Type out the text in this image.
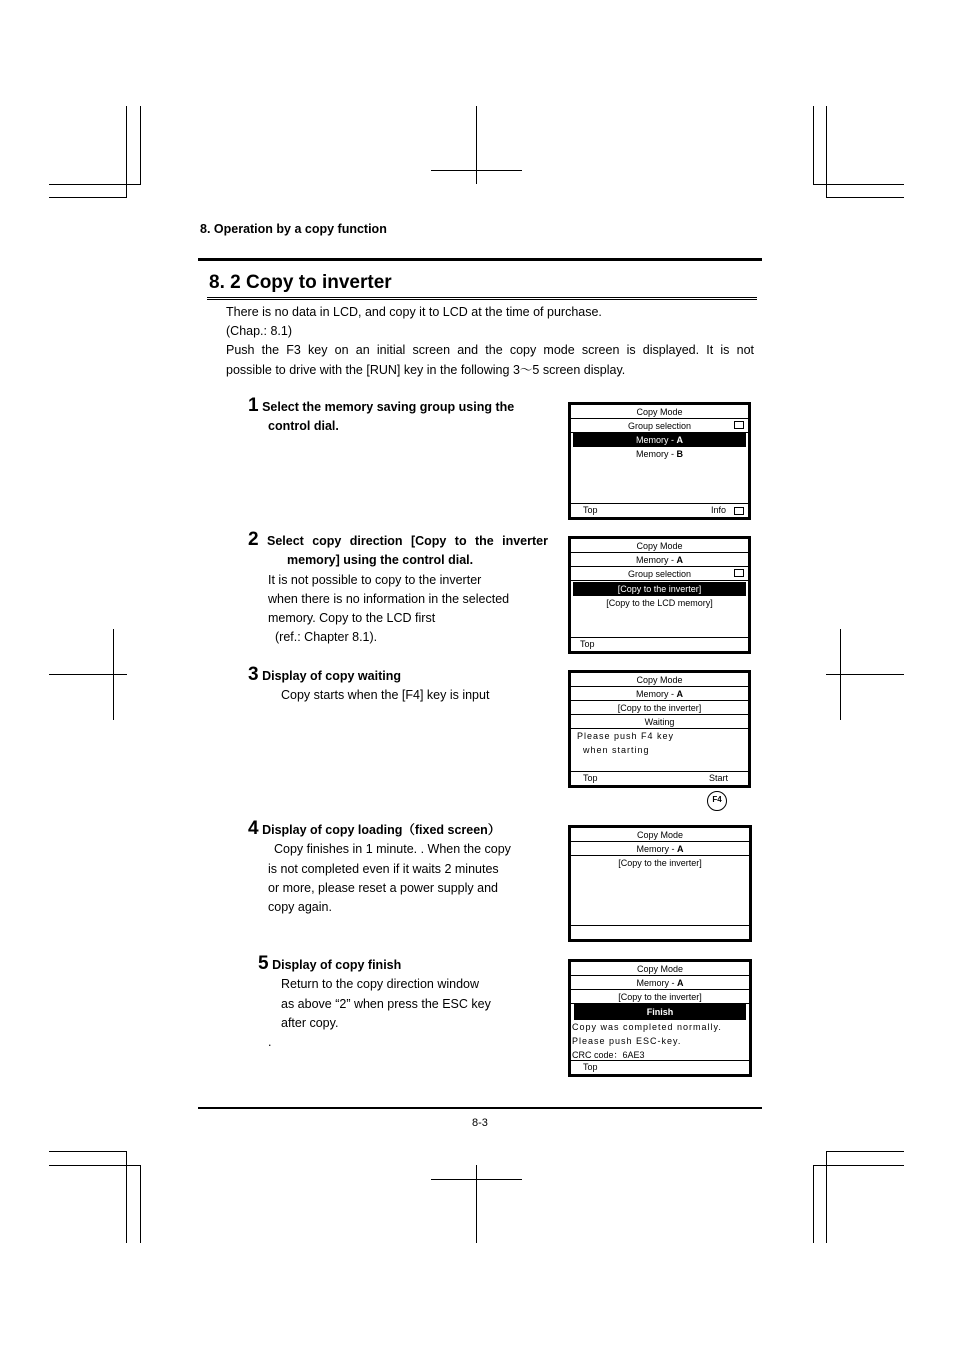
8. Operation by a copy function
8. 2 Copy to inverter

There is no data in LCD, and copy it to LCD at the time of purchase.

(Chap.: 8.1)

Push the F3 key on an initial screen and the copy mode screen is displayed. It is not

possible to drive with the [RUN] key in the following 3～5 screen display.

1 Select the memory saving group using the

control dial.

2 Select copy direction [Copy to the inverter

memory] using the control dial.

It is not possible to copy to the inverter

when there is no information in the selected

memory. Copy to the LCD first

(ref.: Chapter 8.1).

3 Display of copy waiting

Copy starts when the [F4] key is input

4 Display of copy loading（fixed screen）

Copy finishes in 1 minute. . When the copy

is not completed even if it waits 2 minutes

or more, please reset a power supply and

copy again.

5 Display of copy finish

Return to the copy direction window

as above “2” when press the ESC key

after copy.

.

Copy Mode
Group selection
Memory - A
Memory - B
Top	Info
Copy Mode
Memory - A
Group selection
[Copy to the inverter]
[Copy to the LCD memory]
Top
Copy Mode
Memory - A
[Copy to the inverter]
Waiting
Please push F4 key
when starting
Top	Start
F4
Copy Mode
Memory - A
[Copy to the inverter]
Copy Mode
Memory - A
[Copy to the inverter]
Finish
Copy was completed normally.
Please push ESC-key.
CRC code：6AE3
Top
8-3
